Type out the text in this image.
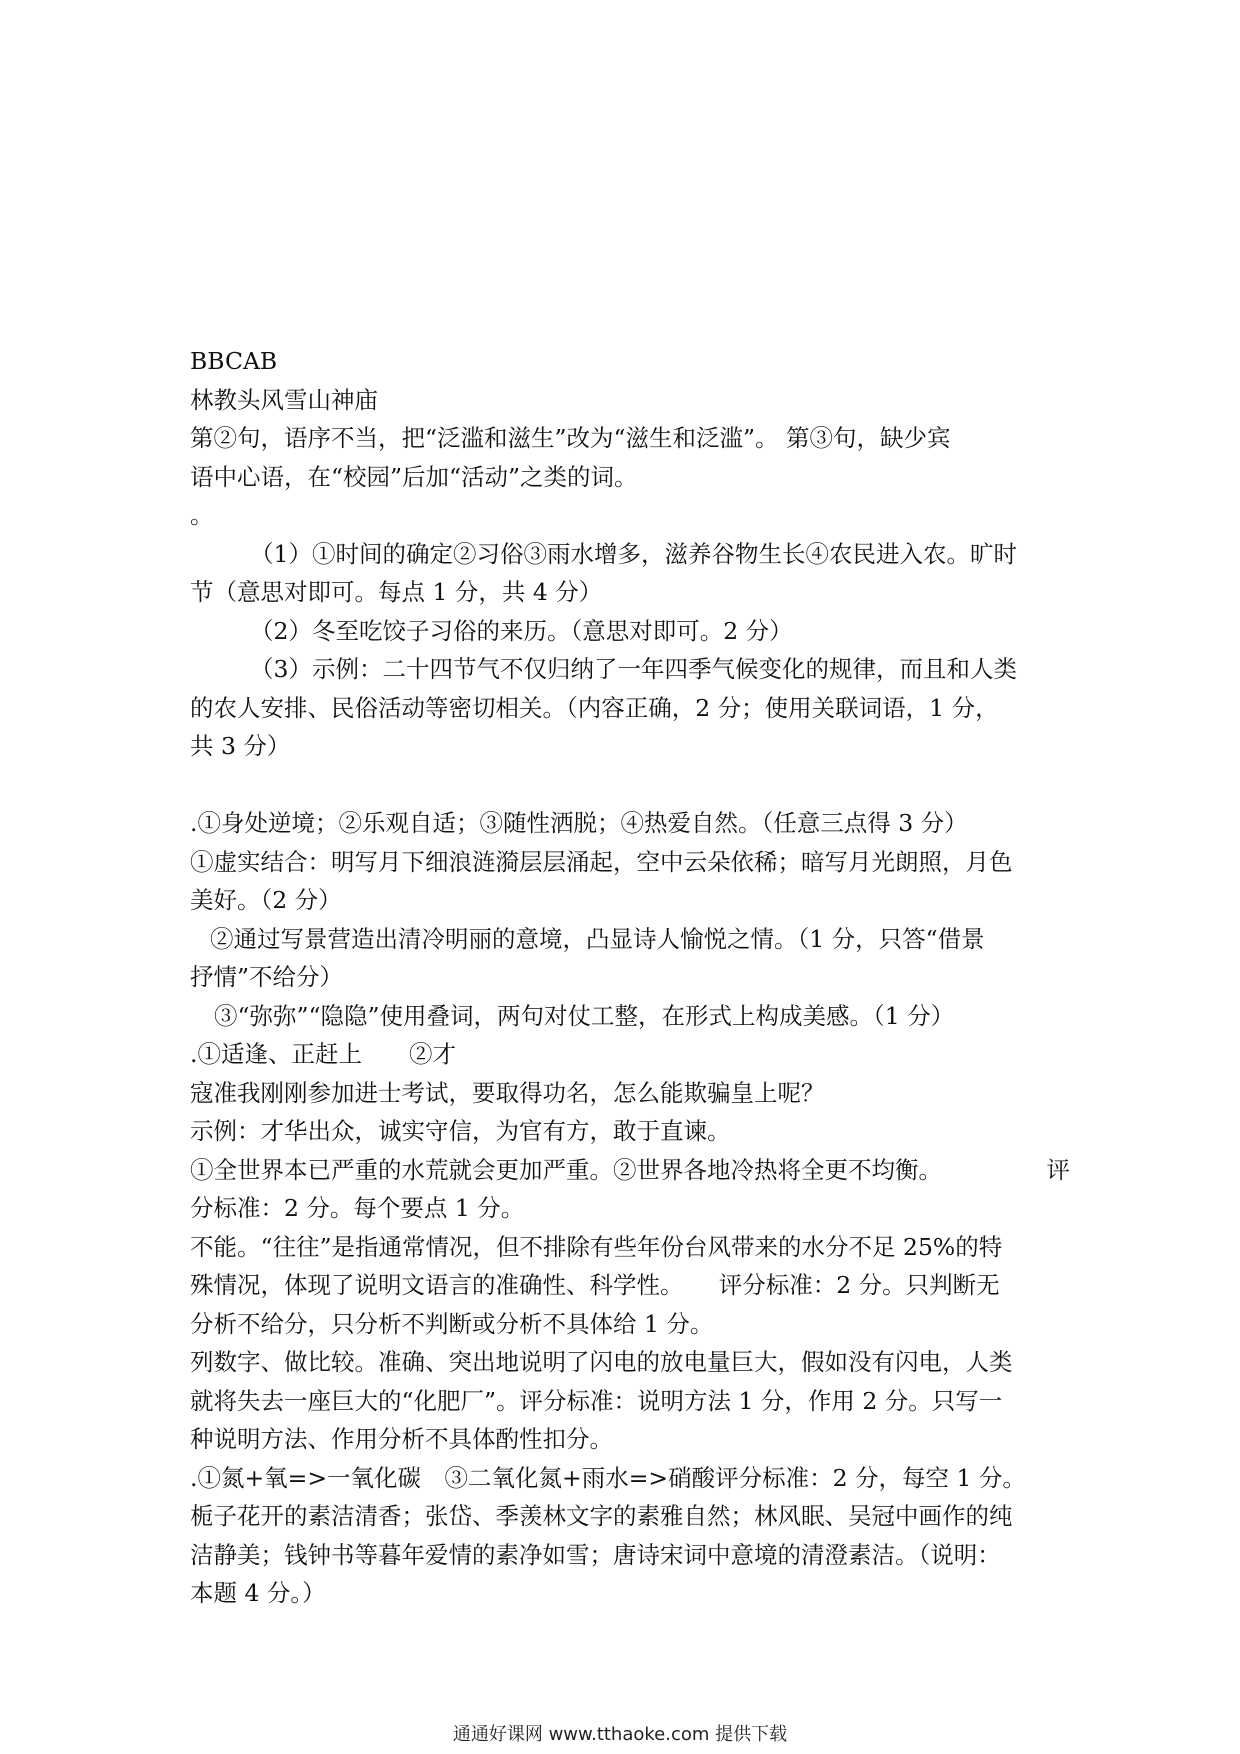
BBCAB
林教头风雪山神庙
第②句，语序不当，把“泛滥和滋生”改为“滋生和泛滥”。 第③句，缺少宾
语中心语，在“校园”后加“活动”之类的词。
。
（1）①时间的确定②习俗③雨水增多，滋养谷物生长④农民进入农。旷时
节（意思对即可。每点 1 分，共 4 分）
（2）冬至吃饺子习俗的来历。（意思对即可。2 分）
（3）示例：二十四节气不仅归纳了一年四季气候变化的规律，而且和人类
的农人安排、民俗活动等密切相关。（内容正确，2 分；使用关联词语，1 分，
共 3 分）
.①身处逆境；②乐观自适；③随性洒脱；④热爱自然。（任意三点得 3 分）
①虚实结合：明写月下细浪涟漪层层涌起，空中云朵依稀；暗写月光朗照，月色
美好。（2 分）
②通过写景营造出清冷明丽的意境，凸显诗人愉悦之情。（1 分，只答“借景
抒情”不给分）
③“弥弥”“隐隐”使用叠词，两句对仗工整，在形式上构成美感。（1 分）
.①适逢、正赶上　　②才
寇准我刚刚参加进士考试，要取得功名，怎么能欺骗皇上呢？
示例：才华出众，诚实守信，为官有方，敢于直谏。
①全世界本已严重的水荒就会更加严重。②世界各地冷热将全更不均衡。	评
分标准：2 分。每个要点 1 分。
不能。“往往”是指通常情况，但不排除有些年份台风带来的水分不足 25%的特
殊情况，体现了说明文语言的准确性、科学性。　　评分标准：2 分。只判断无
分析不给分，只分析不判断或分析不具体给 1 分。
列数字、做比较。准确、突出地说明了闪电的放电量巨大，假如没有闪电，人类
就将失去一座巨大的“化肥厂”。评分标准：说明方法 1 分，作用 2 分。只写一
种说明方法、作用分析不具体酌性扣分。
.①氮+氧=>一氧化碳　③二氧化氮+雨水=>硝酸评分标准：2 分，每空 1 分。
栀子花开的素洁清香；张岱、季羡林文字的素雅自然；林风眠、吴冠中画作的纯
洁静美；钱钟书等暮年爱情的素净如雪；唐诗宋词中意境的清澄素洁。（说明：
本题 4 分。）
通通好课网 www.tthaoke.com 提供下载
